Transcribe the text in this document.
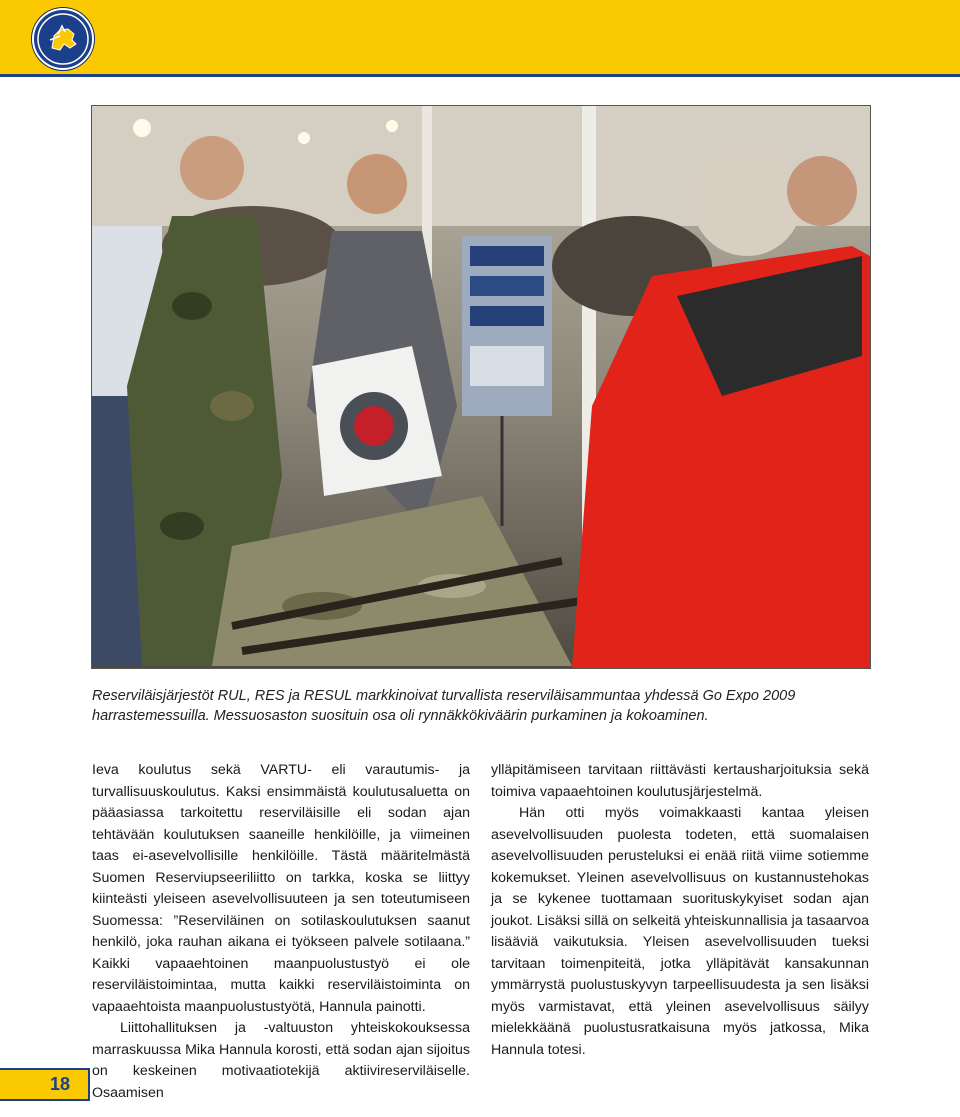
Reserviläisjärjestöt RUL, RES ja RESUL markkinoivat turvallista reserviläisammuntaa yhdessä Go Expo 2009 harrastemessuilla. Messuosaston suosituin osa oli rynnäkkökiväärin purkaminen ja kokoaminen.

Ieva koulutus sekä VARTU- eli varautumis- ja turvallisuuskoulutus. Kaksi ensimmäistä koulutusaluetta on pääasiassa tarkoitettu reserviläisille eli sodan ajan tehtävään koulutuksen saaneille henkilöille, ja viimeinen taas ei-asevelvollisille henkilöille. Tästä määritelmästä Suomen Reserviupseeriliitto on tarkka, koska se liittyy kiinteästi yleiseen asevelvollisuuteen ja sen toteutumiseen Suomessa: ”Reserviläinen on sotilaskoulutuksen saanut henkilö, joka rauhan aikana ei työkseen palvele sotilaana.” Kaikki vapaaehtoinen maanpuolustustyö ei ole reserviläistoimintaa, mutta kaikki reserviläistoiminta on vapaaehtoista maanpuolustustyötä, Hannula painotti.

Liittohallituksen ja -valtuuston yhteiskokouksessa marraskuussa Mika Hannula korosti, että sodan ajan sijoitus on keskeinen motivaatiotekijä aktiivireserviläiselle. Osaamisen

ylläpitämiseen tarvitaan riittävästi kertausharjoituksia sekä toimiva vapaaehtoinen koulutusjärjestelmä.

Hän otti myös voimakkaasti kantaa yleisen asevelvollisuuden puolesta todeten, että suomalaisen asevelvollisuuden perusteluksi ei enää riitä viime sotiemme kokemukset. Yleinen asevelvollisuus on kustannustehokas ja se kykenee tuottamaan suorituskykyiset sodan ajan joukot. Lisäksi sillä on selkeitä yhteiskunnallisia ja tasaarvoa lisääviä vaikutuksia. Yleisen asevelvollisuuden tueksi tarvitaan toimenpiteitä, jotka ylläpitävät kansakunnan ymmärrystä puolustuskyvyn tarpeellisuudesta ja sen lisäksi myös varmistavat, että yleinen asevelvollisuus säilyy mielekkäänä puolustusratkaisuna myös jatkossa, Mika Hannula totesi.

18
